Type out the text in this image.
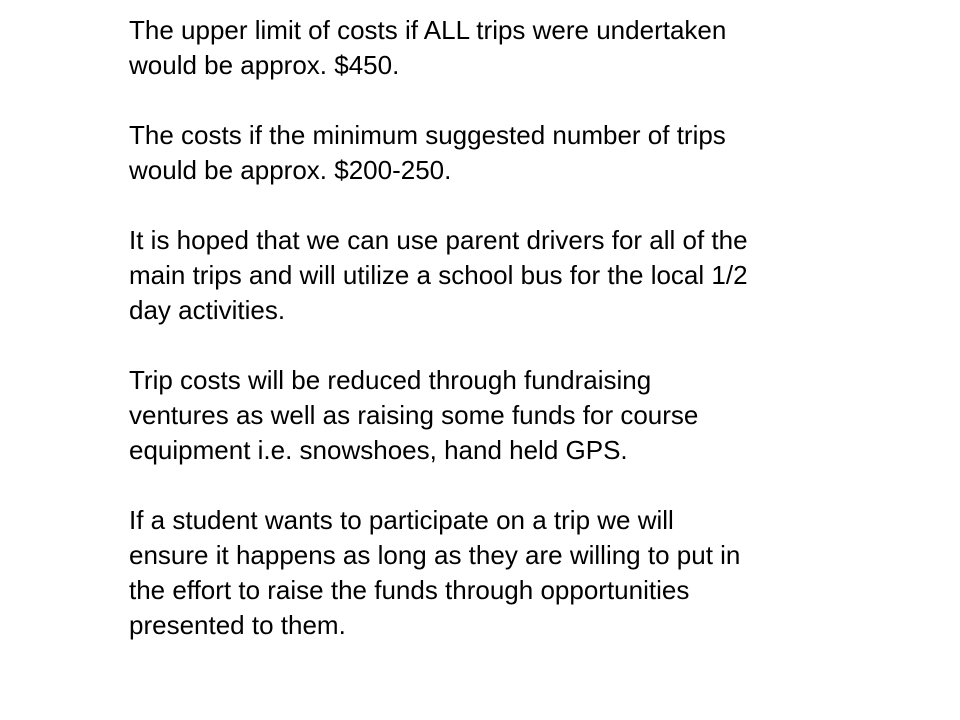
The upper limit of costs if ALL trips were undertaken
would be approx. $450.

The costs if the minimum suggested number of trips
would be approx. $200-250.

It is hoped that we can use parent drivers for all of the
main trips and will utilize a school bus for the local 1/2
day activities.

Trip costs will be reduced through fundraising
ventures as well as raising some funds for course
equipment i.e. snowshoes, hand held GPS.

If a student wants to participate on a trip we will
ensure it happens as long as they are willing to put in
the effort to raise the funds through opportunities
presented to them.
